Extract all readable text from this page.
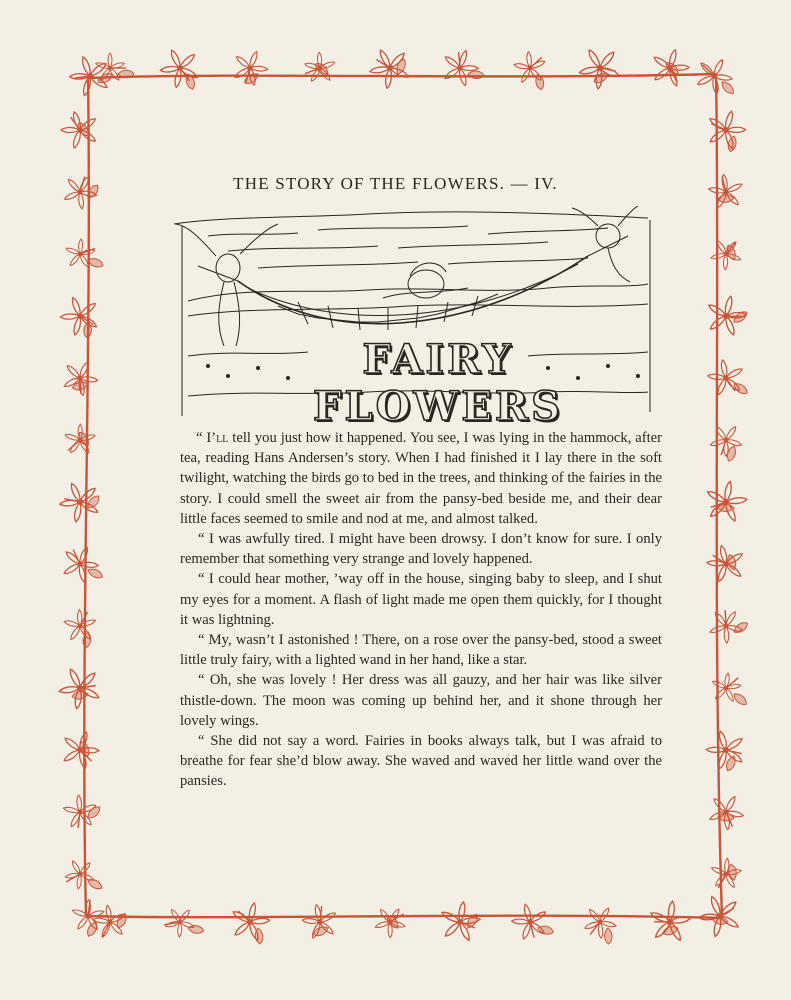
THE STORY OF THE FLOWERS. — IV.
FAIRY FLOWERS

“ I’ll tell you just how it happened. You see, I was lying in the hammock, after tea, reading Hans Andersen’s story. When I had finished it I lay there in the soft twilight, watching the birds go to bed in the trees, and thinking of the fairies in the story. I could smell the sweet air from the pansy-bed beside me, and their dear little faces seemed to smile and nod at me, and almost talked.

“ I was awfully tired. I might have been drowsy. I don’t know for sure. I only remember that something very strange and lovely happened.

“ I could hear mother, ’way off in the house, singing baby to sleep, and I shut my eyes for a moment. A flash of light made me open them quickly, for I thought it was lightning.

“ My, wasn’t I astonished ! There, on a rose over the pansy-bed, stood a sweet little truly fairy, with a lighted wand in her hand, like a star.

“ Oh, she was lovely ! Her dress was all gauzy, and her hair was like silver thistle-down. The moon was coming up behind her, and it shone through her lovely wings.

“ She did not say a word. Fairies in books always talk, but I was afraid to breathe for fear she’d blow away. She waved and waved her little wand over the pansies.
